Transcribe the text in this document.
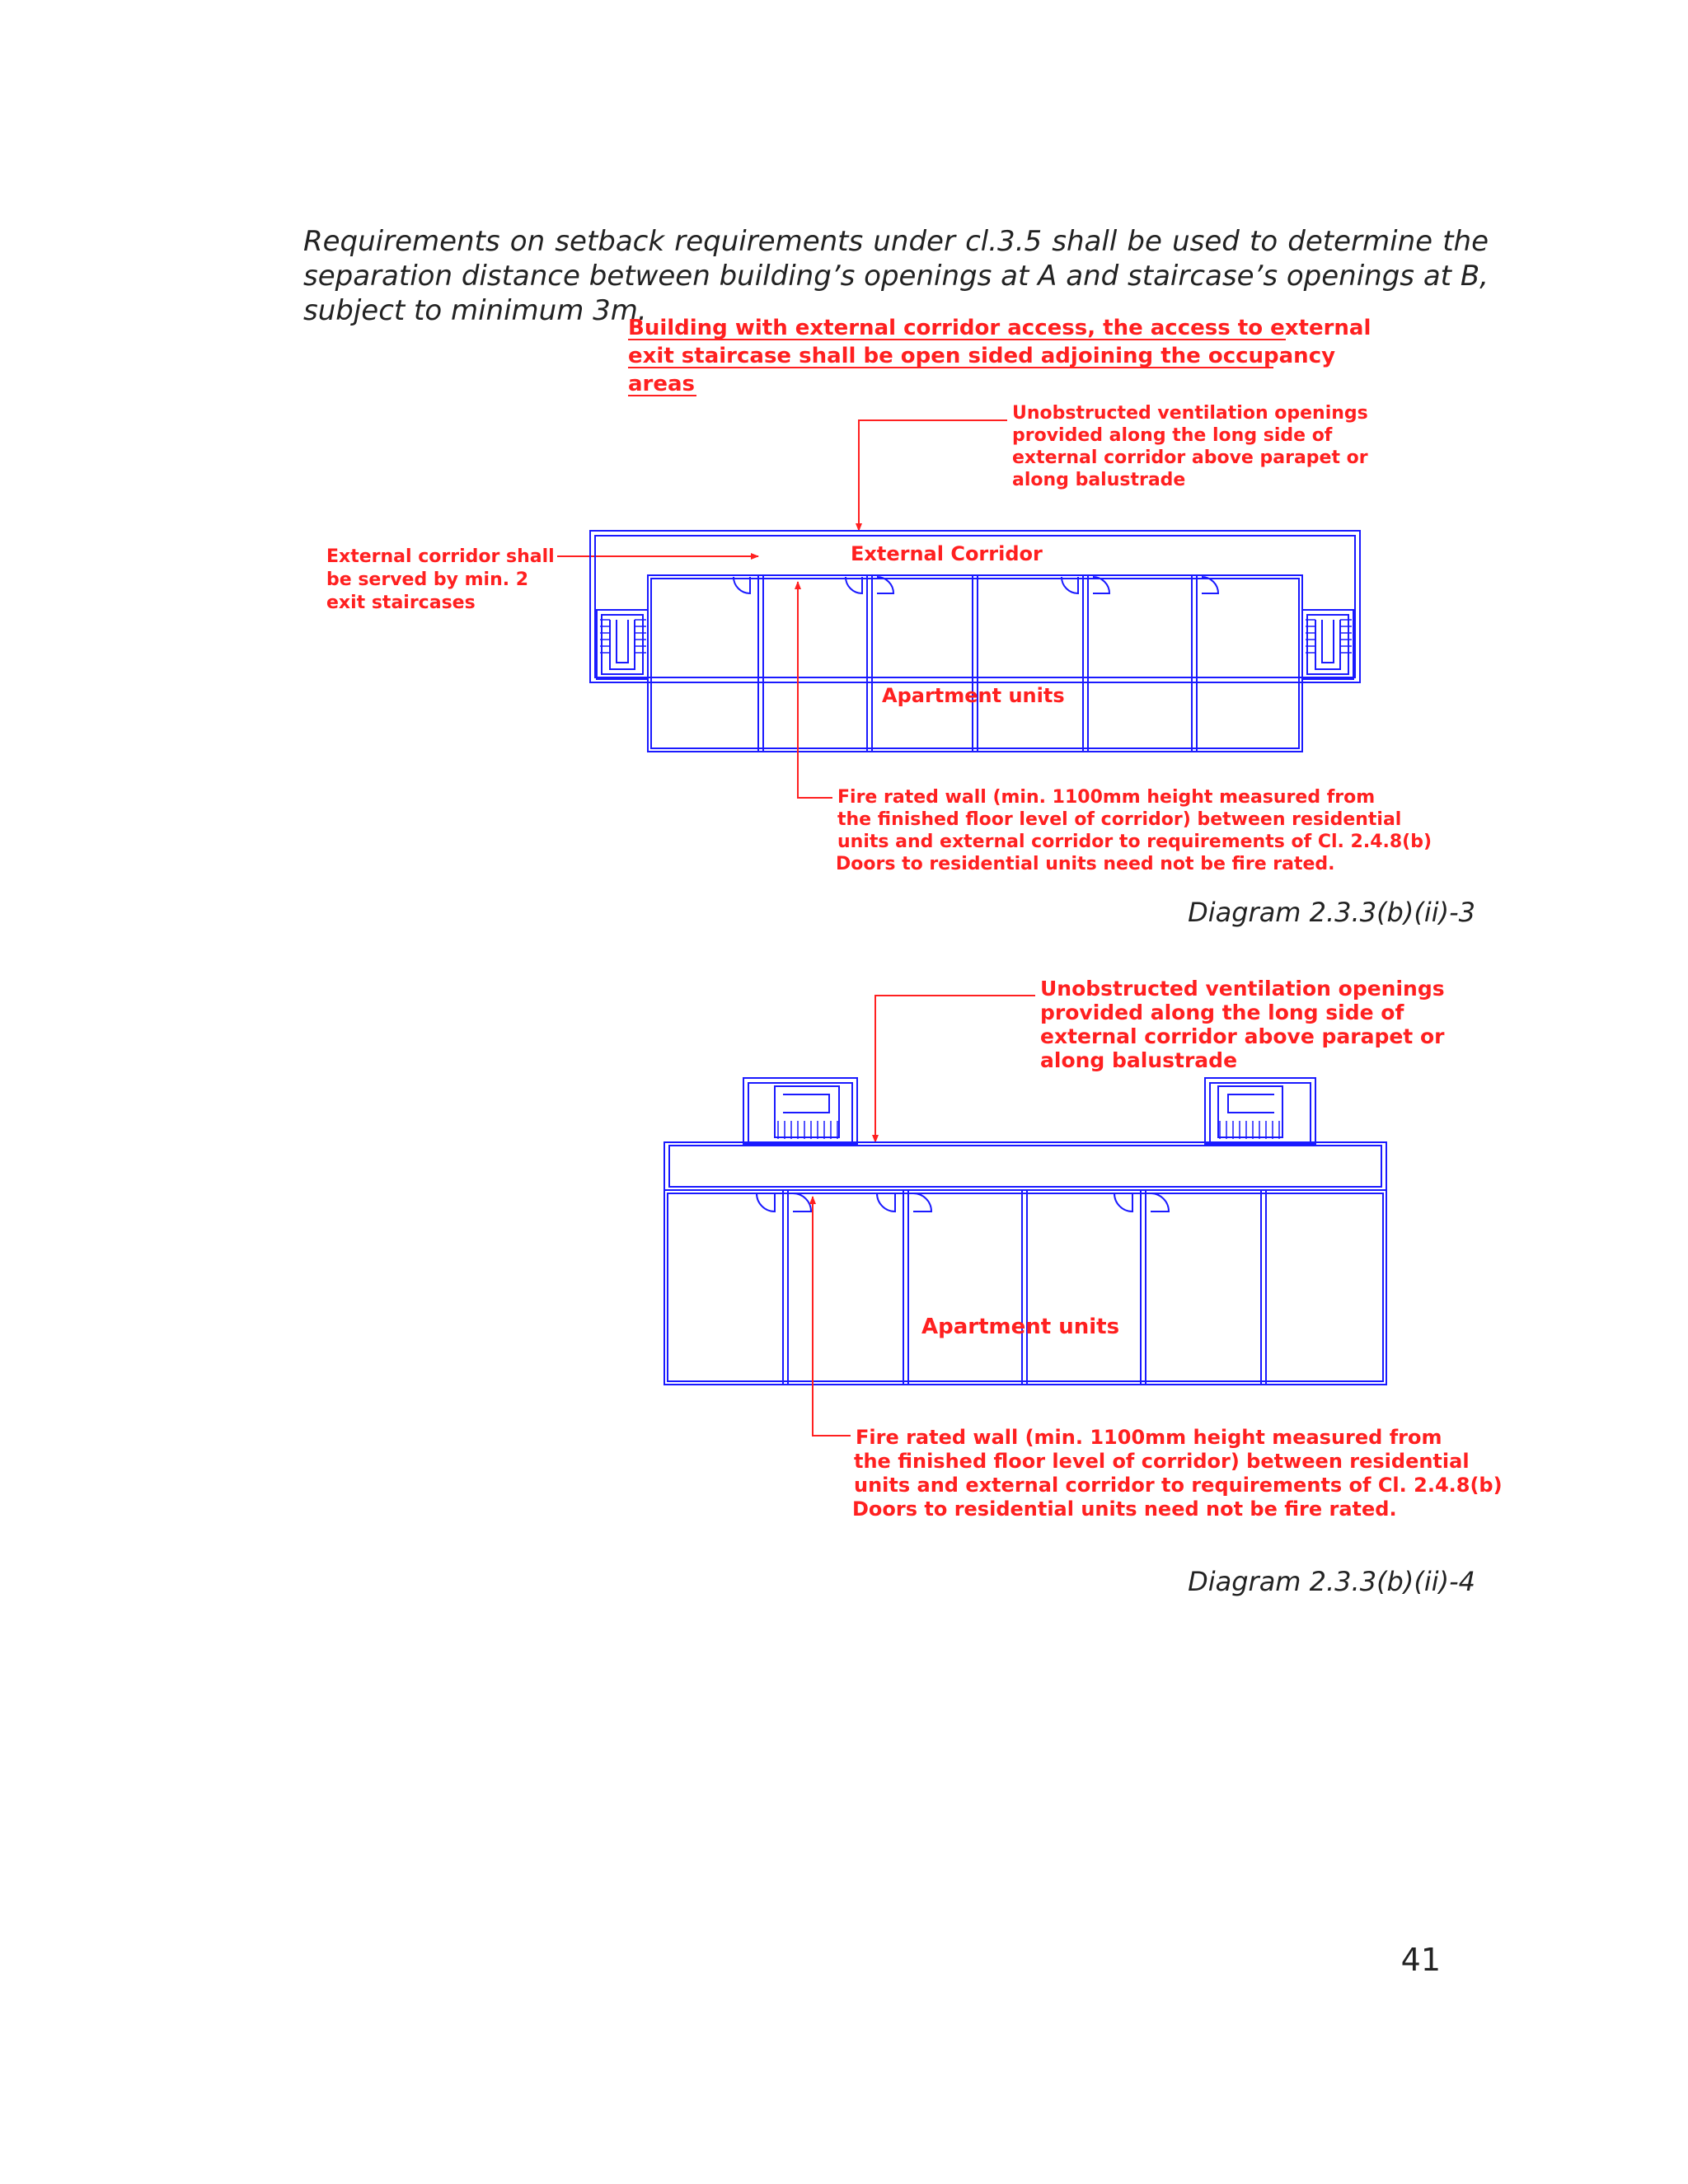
Requirements on setback requirements under cl.3.5 shall be used to determine the separation distance between building’s openings at A and staircase’s openings at B, subject to minimum 3m.

Building with external corridor access, the access to external exit staircase shall be open sided adjoining the occupancy areas
Unobstructed ventilation openings provided along the long side of external corridor above parapet or along balustrade
External corridor shall be served by min. 2 exit staircases
External Corridor
Apartment units
Fire rated wall (min. 1100mm height measured from the finished floor level of corridor) between residential units and external corridor to requirements of Cl. 2.4.8(b) Doors to residential units need not be fire rated.
Unobstructed ventilation openings provided along the long side of external corridor above parapet or along balustrade
Apartment units
Fire rated wall (min. 1100mm height measured from the finished floor level of corridor) between residential units and external corridor to requirements of Cl. 2.4.8(b) Doors to residential units need not be fire rated.
Diagram 2.3.3(b)(ii)-3
Diagram 2.3.3(b)(ii)-4
41
